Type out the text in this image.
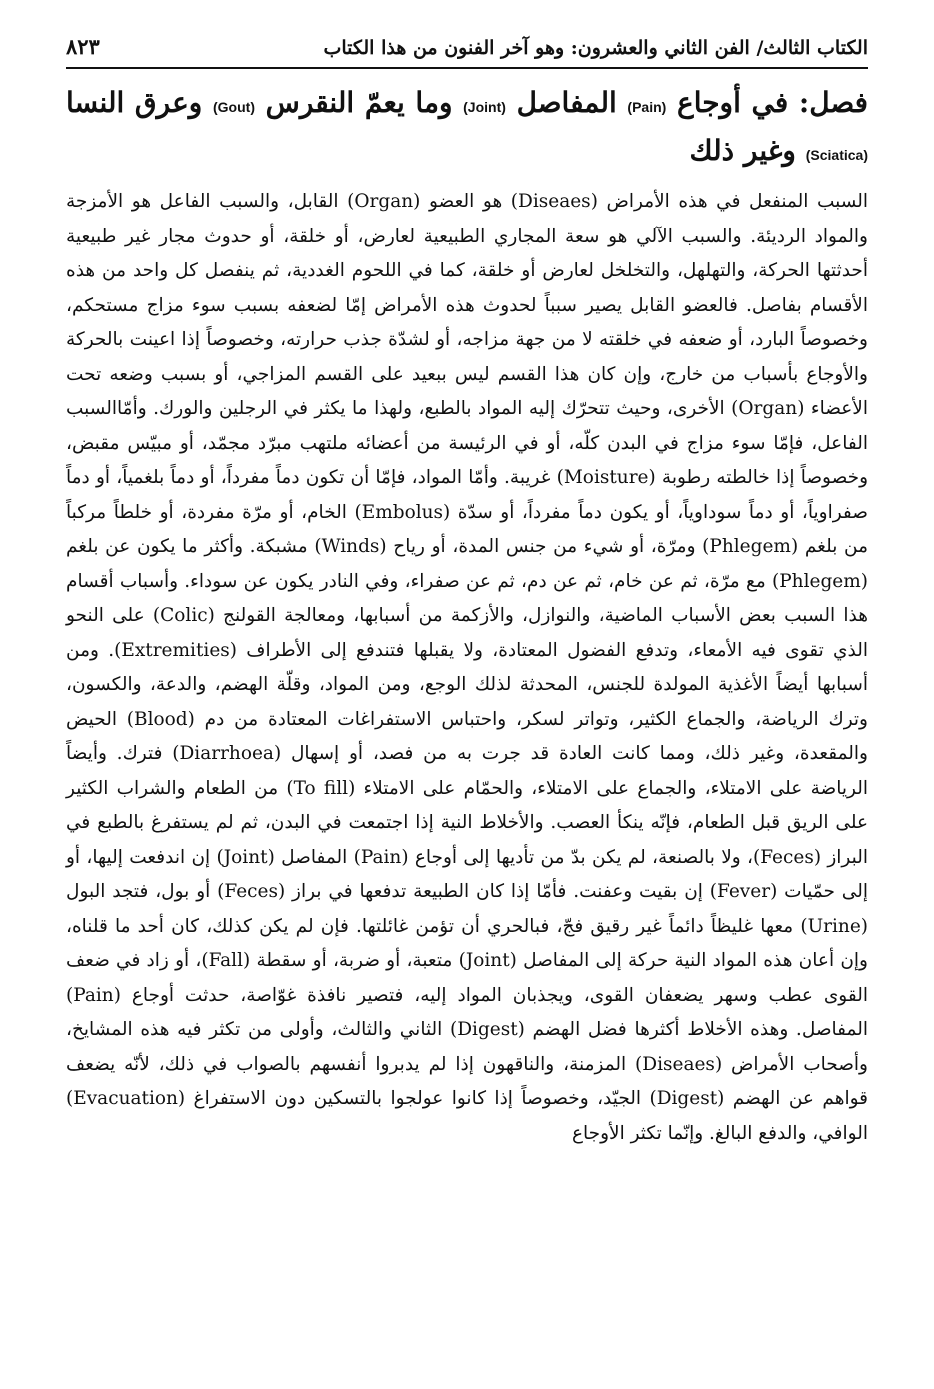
الكتاب الثالث/ الفن الثاني والعشرون: وهو آخر الفنون من هذا الكتاب
٨٢٣
فصل: في أوجاع (Pain) المفاصل (Joint) وما يعمّ النقرس (Gout) وعرق النسا (Sciatica) وغير ذلك

السبب المنفعل في هذه الأمراض (Diseaes) هو العضو (Organ) القابل، والسبب الفاعل هو الأمزجة والمواد الرديئة. والسبب الآلي هو سعة المجاري الطبيعية لعارض، أو خلقة، أو حدوث مجار غير طبيعية أحدثتها الحركة، والتهلهل، والتخلخل لعارض أو خلقة، كما في اللحوم الغددية، ثم ينفصل كل واحد من هذه الأقسام بفاصل. فالعضو القابل يصير سبباً لحدوث هذه الأمراض إمّا لضعفه بسبب سوء مزاج مستحكم، وخصوصاً البارد، أو ضعفه في خلقته لا من جهة مزاجه، أو لشدّة جذب حرارته، وخصوصاً إذا اعينت بالحركة والأوجاع بأسباب من خارج، وإن كان هذا القسم ليس ببعيد على القسم المزاجي، أو بسبب وضعه تحت الأعضاء (Organ) الأخرى، وحيث تتحرّك إليه المواد بالطبع، ولهذا ما يكثر في الرجلين والورك. وأمّاالسبب الفاعل، فإمّا سوء مزاج في البدن كلّه، أو في الرئيسة من أعضائه ملتهب مبرّد مجمّد، أو مبيّس مقبض، وخصوصاً إذا خالطته رطوبة (Moisture) غريبة. وأمّا المواد، فإمّا أن تكون دماً مفرداً، أو دماً بلغمياً، أو دماً صفراوياً، أو دماً سوداوياً، أو يكون دماً مفرداً، أو سدّة (Embolus) الخام، أو مرّة مفردة، أو خلطاً مركباً من بلغم (Phlegem) ومرّة، أو شيء من جنس المدة، أو رياح (Winds) مشبكة. وأكثر ما يكون عن بلغم (Phlegem) مع مرّة، ثم عن خام، ثم عن دم، ثم عن صفراء، وفي النادر يكون عن سوداء. وأسباب أقسام هذا السبب بعض الأسباب الماضية، والنوازل، والأزكمة من أسبابها، ومعالجة القولنج (Colic) على النحو الذي تقوى فيه الأمعاء، وتدفع الفضول المعتادة، ولا يقبلها فتندفع إلى الأطراف (Extremities). ومن أسبابها أيضاً الأغذية المولدة للجنس، المحدثة لذلك الوجع، ومن المواد، وقلّة الهضم، والدعة، والكسون، وترك الرياضة، والجماع الكثير، وتواتر لسكر، واحتباس الاستفراغات المعتادة من دم (Blood) الحيض والمقعدة، وغير ذلك، ومما كانت العادة قد جرت به من فصد، أو إسهال (Diarrhoea) فترك. وأيضاً الرياضة على الامتلاء، والجماع على الامتلاء، والحمّام على الامتلاء (To fill) من الطعام والشراب الكثير على الريق قبل الطعام، فإنّه ينكأ العصب. والأخلاط النية إذا اجتمعت في البدن، ثم لم يستفرغ بالطبع في البراز (Feces)، ولا بالصنعة، لم يكن بدّ من تأديها إلى أوجاع (Pain) المفاصل (Joint) إن اندفعت إليها، أو إلى حمّيات (Fever) إن بقيت وعفنت. فأمّا إذا كان الطبيعة تدفعها في براز (Feces) أو بول، فتجد البول (Urine) معها غليظاً دائماً غير رقيق فجّ، فبالحري أن تؤمن غائلتها. فإن لم يكن كذلك، كان أحد ما قلناه، وإن أعان هذه المواد النية حركة إلى المفاصل (Joint) متعبة، أو ضربة، أو سقطة (Fall)، أو زاد في ضعف القوى عطب وسهر يضعفان القوى، ويجذبان المواد إليه، فتصير نافذة غوّاصة، حدثت أوجاع (Pain) المفاصل. وهذه الأخلاط أكثرها فضل الهضم (Digest) الثاني والثالث، وأولى من تكثر فيه هذه المشايخ، وأصحاب الأمراض (Diseaes) المزمنة، والناقهون إذا لم يدبروا أنفسهم بالصواب في ذلك، لأنّه يضعف قواهم عن الهضم (Digest) الجيّد، وخصوصاً إذا كانوا عولجوا بالتسكين دون الاستفراغ (Evacuation) الوافي، والدفع البالغ. وإنّما تكثر الأوجاع
